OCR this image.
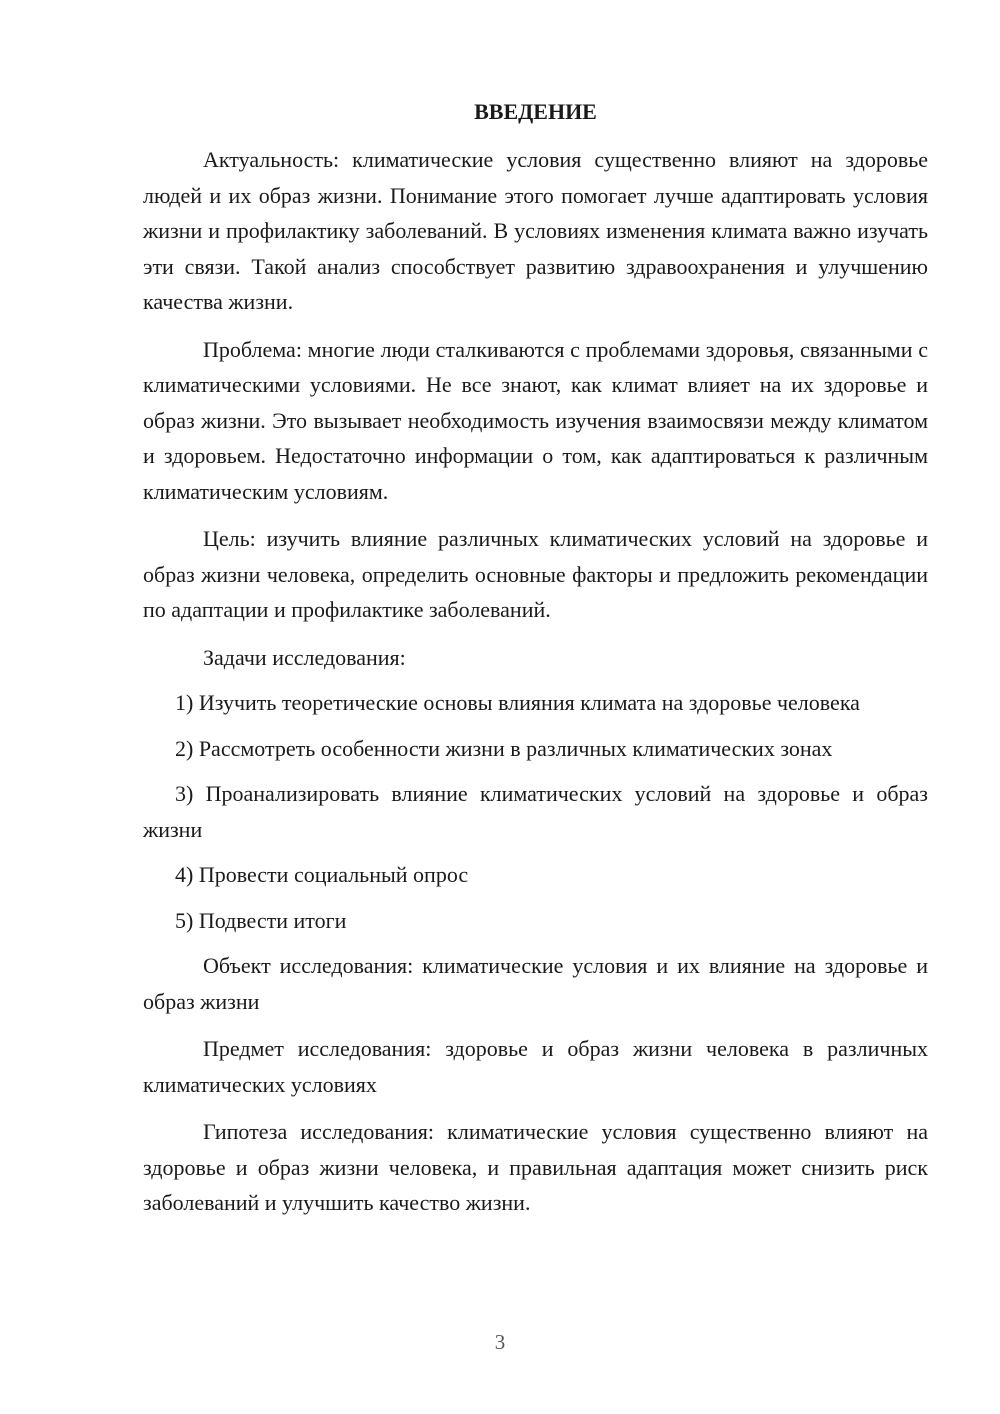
ВВЕДЕНИЕ

Актуальность: климатические условия существенно влияют на здоровье людей и их образ жизни. Понимание этого помогает лучше адаптировать условия жизни и профилактику заболеваний. В условиях изменения климата важно изучать эти связи. Такой анализ способствует развитию здравоохранения и улучшению качества жизни.

Проблема: многие люди сталкиваются с проблемами здоровья, связанными с климатическими условиями. Не все знают, как климат влияет на их здоровье и образ жизни. Это вызывает необходимость изучения взаимосвязи между климатом и здоровьем. Недостаточно информации о том, как адаптироваться к различным климатическим условиям.

Цель: изучить влияние различных климатических условий на здоровье и образ жизни человека, определить основные факторы и предложить рекомендации по адаптации и профилактике заболеваний.

Задачи исследования:

1) Изучить теоретические основы влияния климата на здоровье человека

2) Рассмотреть особенности жизни в различных климатических зонах

3) Проанализировать влияние климатических условий на здоровье и образ жизни

4) Провести социальный опрос

5) Подвести итоги

Объект исследования: климатические условия и их влияние на здоровье и образ жизни

Предмет исследования: здоровье и образ жизни человека в различных климатических условиях

Гипотеза исследования: климатические условия существенно влияют на здоровье и образ жизни человека, и правильная адаптация может снизить риск заболеваний и улучшить качество жизни.

3
